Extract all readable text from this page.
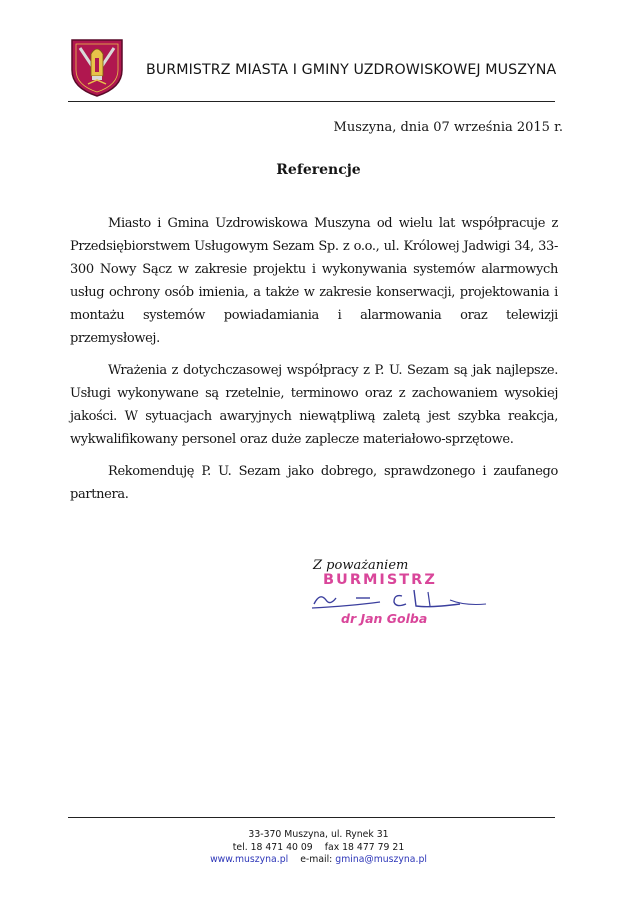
BURMISTRZ MIASTA I GMINY UZDROWISKOWEJ MUSZYNA
Muszyna, dnia 07 września 2015 r.
Referencje

Miasto i Gmina Uzdrowiskowa Muszyna od wielu lat współpracuje z Przedsiębiorstwem Usługowym Sezam Sp. z o.o., ul. Królowej Jadwigi 34, 33-300 Nowy Sącz w zakresie projektu i wykonywania systemów alarmowych usług ochrony osób imienia, a także w zakresie konserwacji, projektowania i montażu systemów powiadamiania i alarmowania oraz telewizji przemysłowej.

Wrażenia z dotychczasowej współpracy z P. U. Sezam są jak najlepsze. Usługi wykonywane są rzetelnie, terminowo oraz z zachowaniem wysokiej jakości. W sytuacjach awaryjnych niewątpliwą zaletą jest szybka reakcja, wykwalifikowany personel oraz duże zaplecze materiałowo-sprzętowe.

Rekomenduję P. U. Sezam jako dobrego, sprawdzonego i zaufanego partnera.

Z poważaniem
BURMISTRZ
dr Jan Golba
33-370 Muszyna, ul. Rynek 31
tel. 18 471 40 09 fax 18 477 79 21
www.muszyna.pl e-mail: gmina@muszyna.pl
